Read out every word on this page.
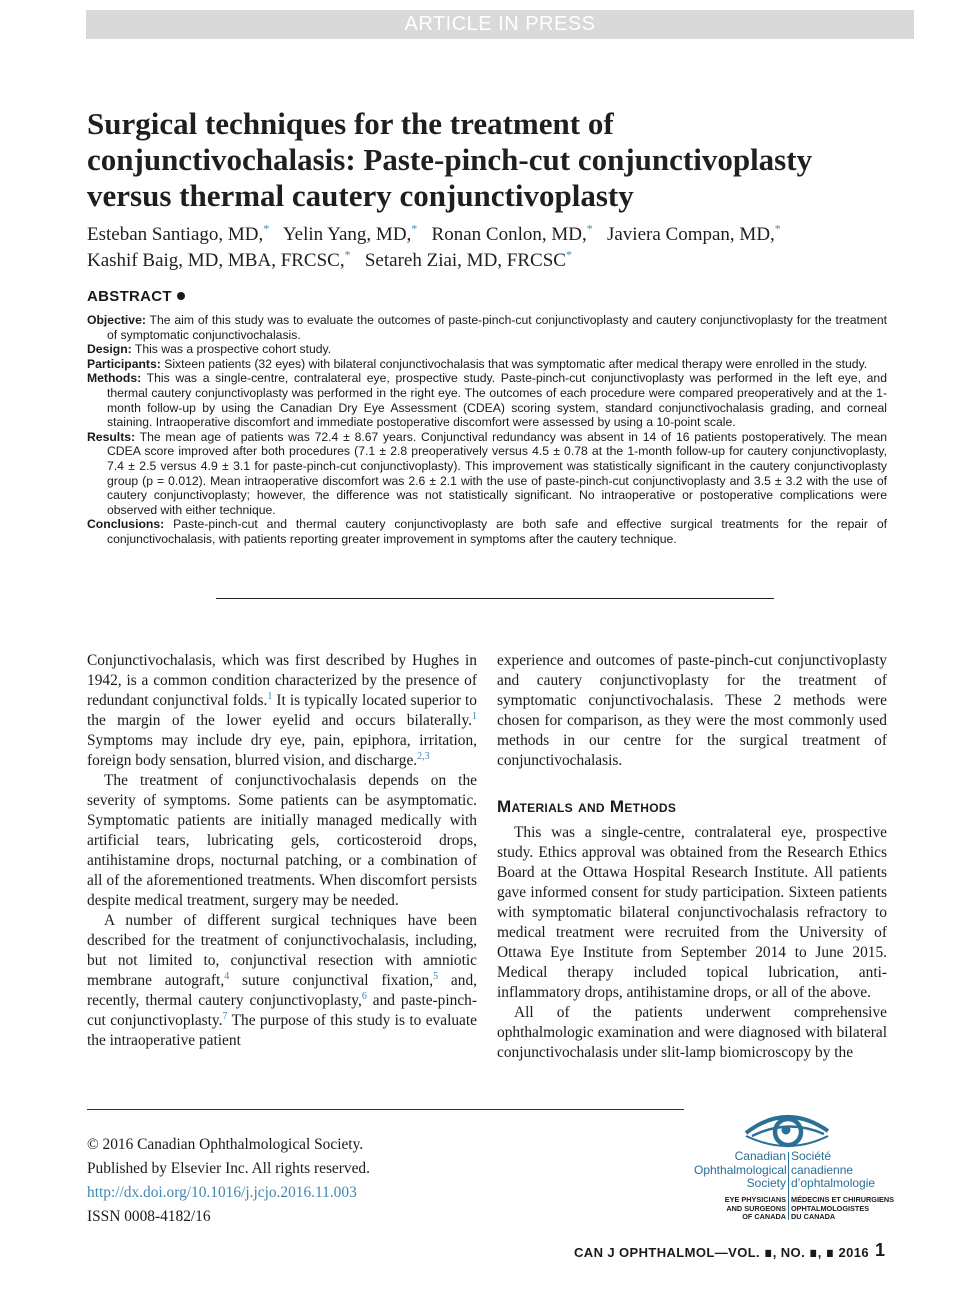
ARTICLE IN PRESS
Surgical techniques for the treatment of conjunctivochalasis: Paste-pinch-cut conjunctivoplasty versus thermal cautery conjunctivoplasty
Esteban Santiago, MD,* Yelin Yang, MD,* Ronan Conlon, MD,* Javiera Compan, MD,*
Kashif Baig, MD, MBA, FRCSC,* Setareh Ziai, MD, FRCSC*
ABSTRACT
Objective: The aim of this study was to evaluate the outcomes of paste-pinch-cut conjunctivoplasty and cautery conjunctivoplasty for the treatment of symptomatic conjunctivochalasis.
Design: This was a prospective cohort study.
Participants: Sixteen patients (32 eyes) with bilateral conjunctivochalasis that was symptomatic after medical therapy were enrolled in the study.
Methods: This was a single-centre, contralateral eye, prospective study. Paste-pinch-cut conjunctivoplasty was performed in the left eye, and thermal cautery conjunctivoplasty was performed in the right eye. The outcomes of each procedure were compared preoperatively and at the 1-month follow-up by using the Canadian Dry Eye Assessment (CDEA) scoring system, standard conjunctivochalasis grading, and corneal staining. Intraoperative discomfort and immediate postoperative discomfort were assessed by using a 10-point scale.
Results: The mean age of patients was 72.4 ± 8.67 years. Conjunctival redundancy was absent in 14 of 16 patients postoperatively. The mean CDEA score improved after both procedures (7.1 ± 2.8 preoperatively versus 4.5 ± 0.78 at the 1-month follow-up for cautery conjunctivoplasty, 7.4 ± 2.5 versus 4.9 ± 3.1 for paste-pinch-cut conjunctivoplasty). This improvement was statistically significant in the cautery conjunctivoplasty group (p = 0.012). Mean intraoperative discomfort was 2.6 ± 2.1 with the use of paste-pinch-cut conjunctivoplasty and 3.5 ± 3.2 with the use of cautery conjunctivoplasty; however, the difference was not statistically significant. No intraoperative or postoperative complications were observed with either technique.
Conclusions: Paste-pinch-cut and thermal cautery conjunctivoplasty are both safe and effective surgical treatments for the repair of conjunctivochalasis, with patients reporting greater improvement in symptoms after the cautery technique.

Conjunctivochalasis, which was first described by Hughes in 1942, is a common condition characterized by the presence of redundant conjunctival folds.$^1$ It is typically located superior to the margin of the lower eyelid and occurs bilaterally.$^1$ Symptoms may include dry eye, pain, epiphora, irritation, foreign body sensation, blurred vision, and discharge.$^{2,3}$

The treatment of conjunctivochalasis depends on the severity of symptoms. Some patients can be asymptomatic. Symptomatic patients are initially managed medically with artificial tears, lubricating gels, corticosteroid drops, antihistamine drops, nocturnal patching, or a combination of all of the aforementioned treatments. When discomfort persists despite medical treatment, surgery may be needed.

A number of different surgical techniques have been described for the treatment of conjunctivochalasis, including, but not limited to, conjunctival resection with amniotic membrane autograft,$^4$ suture conjunctival fixation,$^5$ and, recently, thermal cautery conjunctivoplasty,$^6$ and paste-pinch-cut conjunctivoplasty.$^7$ The purpose of this study is to evaluate the intraoperative patient

experience and outcomes of paste-pinch-cut conjunctivoplasty and cautery conjunctivoplasty for the treatment of symptomatic conjunctivochalasis. These 2 methods were chosen for comparison, as they were the most commonly used methods in our centre for the surgical treatment of conjunctivochalasis.

Materials and Methods

This was a single-centre, contralateral eye, prospective study. Ethics approval was obtained from the Research Ethics Board at the Ottawa Hospital Research Institute. All patients gave informed consent for study participation. Sixteen patients with symptomatic bilateral conjunctivochalasis refractory to medical treatment were recruited from the University of Ottawa Eye Institute from September 2014 to June 2015. Medical therapy included topical lubrication, anti-inflammatory drops, antihistamine drops, or all of the above.

All of the patients underwent comprehensive ophthalmologic examination and were diagnosed with bilateral conjunctivochalasis under slit-lamp biomicroscopy by the

© 2016 Canadian Ophthalmological Society.
Published by Elsevier Inc. All rights reserved.
http://dx.doi.org/10.1016/j.jcjo.2016.11.003
ISSN 0008-4182/16
Canadian
Ophthalmological
Society
Société
canadienne
d’ophtalmologie
EYE PHYSICIANS
AND SURGEONS
OF CANADA
MÉDECINS ET CHIRURGIENS
OPHTALMOLOGISTES
DU CANADA
CAN J OPHTHALMOL—VOL. ∎, NO. ∎, ∎ 2016 1
